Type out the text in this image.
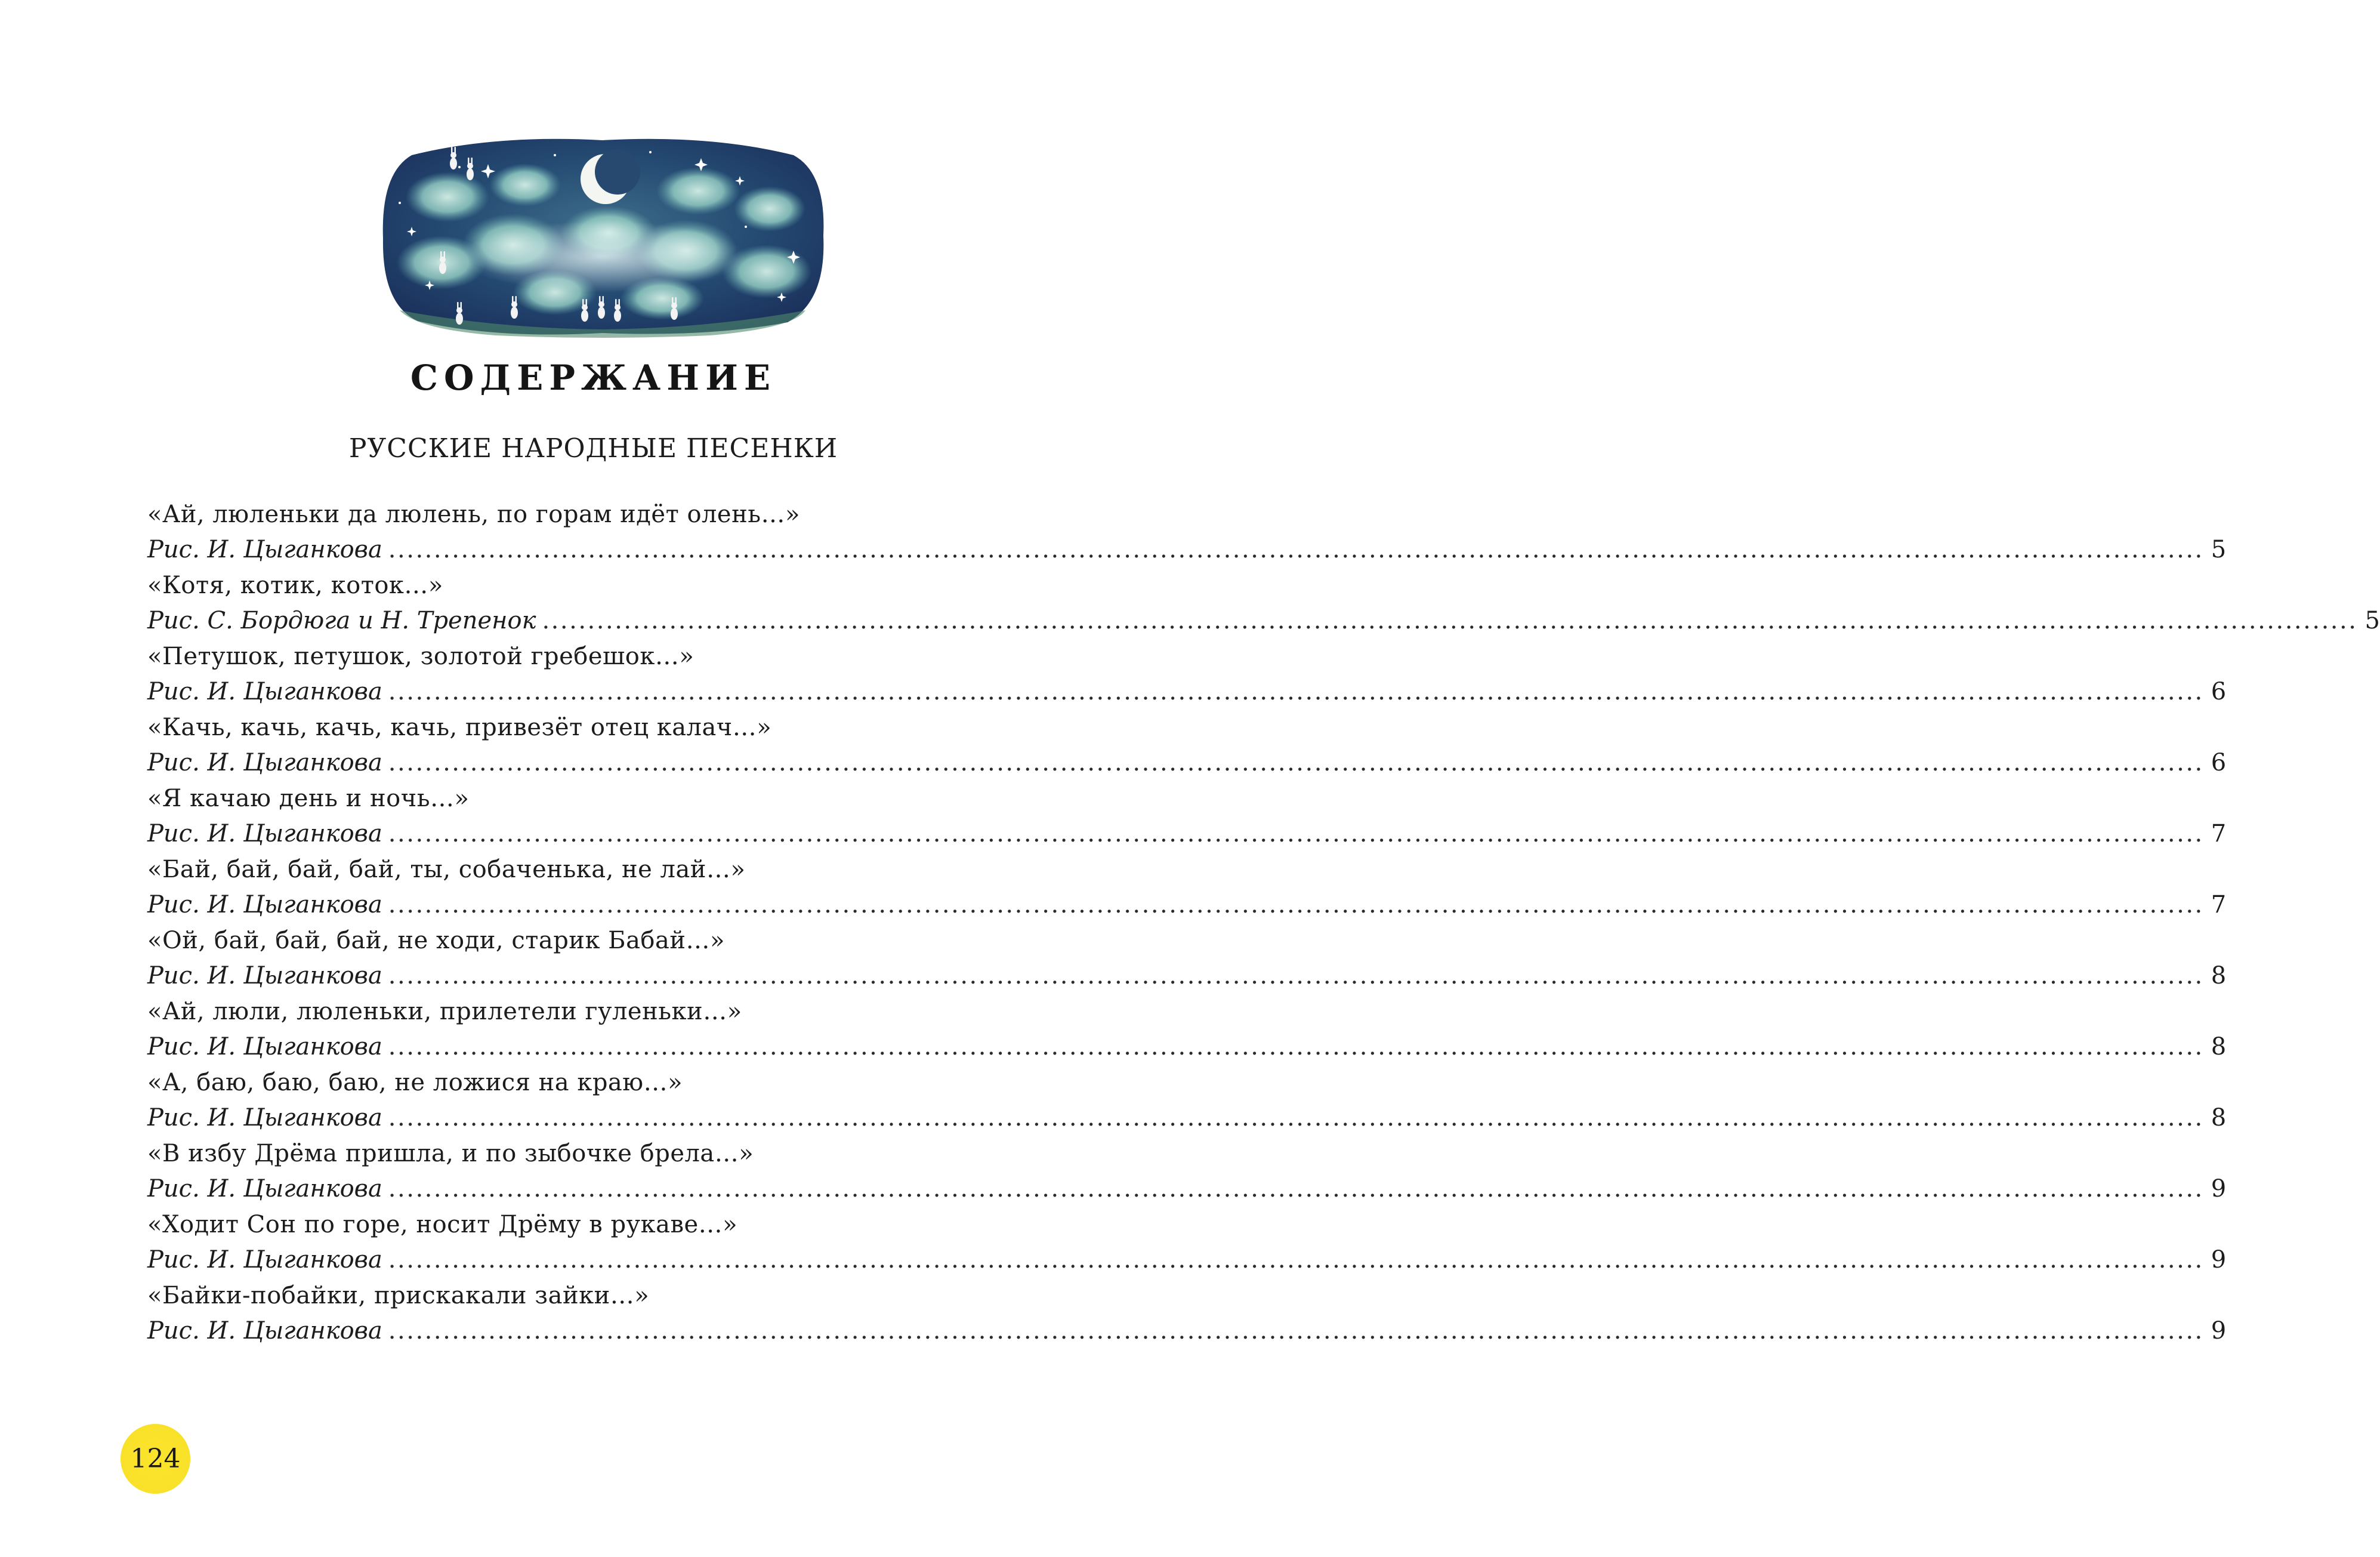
СОДЕРЖАНИЕ
РУССКИЕ НАРОДНЫЕ ПЕСЕНКИ
«Ай, люленьки да люлень, по горам идёт олень…»
Рис. И. Цыганкова ........................................................................................................................................................................................................ 5
«Котя, котик, коток…»
Рис. С. Бордюга и Н. Трепенок ........................................................................................................................................................................................................ 5
«Петушок, петушок, золотой гребешок…»
Рис. И. Цыганкова ........................................................................................................................................................................................................ 6
«Качь, качь, качь, качь, привезёт отец калач…»
Рис. И. Цыганкова ........................................................................................................................................................................................................ 6
«Я качаю день и ночь…»
Рис. И. Цыганкова ........................................................................................................................................................................................................ 7
«Бай, бай, бай, бай, ты, собаченька, не лай…»
Рис. И. Цыганкова ........................................................................................................................................................................................................ 7
«Ой, бай, бай, бай, не ходи, старик Бабай…»
Рис. И. Цыганкова ........................................................................................................................................................................................................ 8
«Ай, люли, люленьки, прилетели гуленьки…»
Рис. И. Цыганкова ........................................................................................................................................................................................................ 8
«А, баю, баю, баю, не ложися на краю…»
Рис. И. Цыганкова ........................................................................................................................................................................................................ 8
«В избу Дрёма пришла, и по зыбочке брела…»
Рис. И. Цыганкова ........................................................................................................................................................................................................ 9
«Ходит Сон по горе, носит Дрёму в рукаве…»
Рис. И. Цыганкова ........................................................................................................................................................................................................ 9
«Байки-побайки, прискакали зайки…»
Рис. И. Цыганкова ........................................................................................................................................................................................................ 9
124
